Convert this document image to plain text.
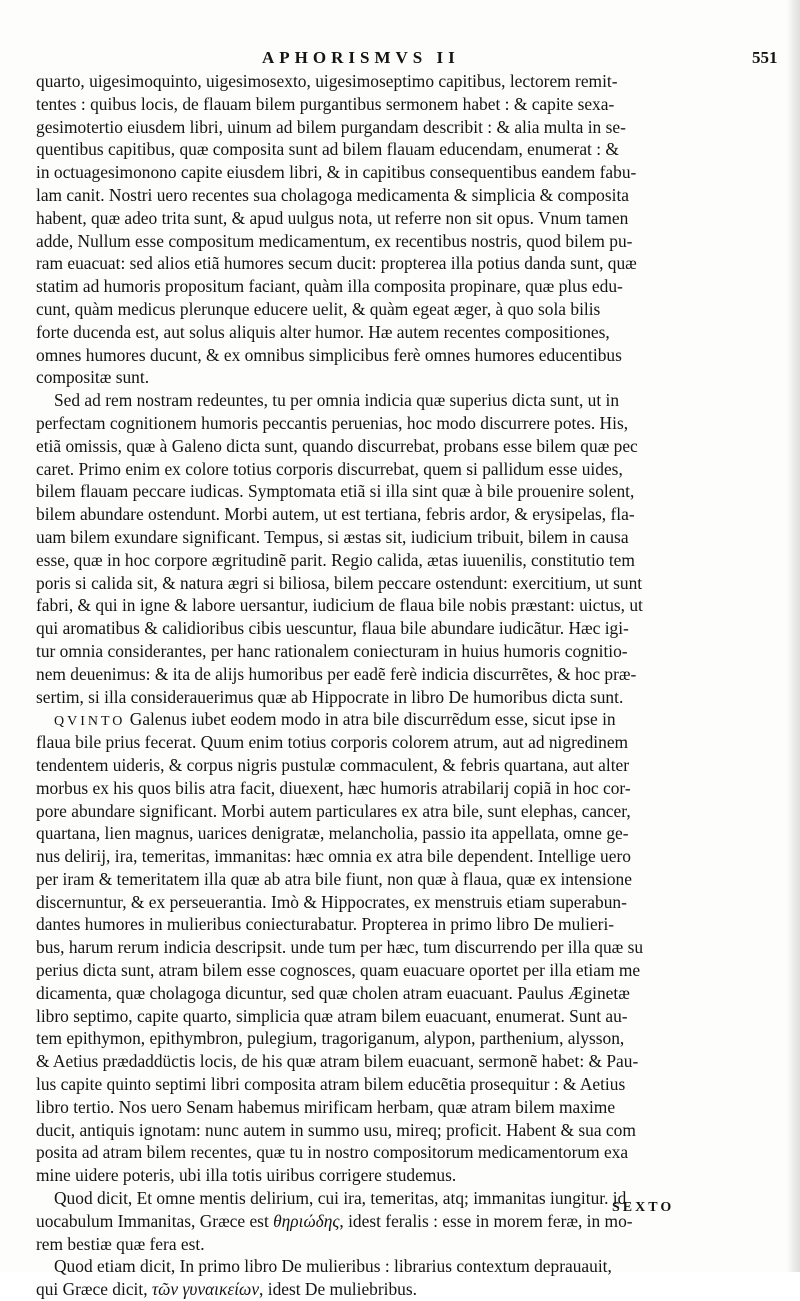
APHORISMVS II	551
quarto, uigesimoquinto, uigesimosexto, uigesimoseptimo capitibus, lectorem remit-
tentes : quibus locis, de flauam bilem purgantibus sermonem habet : & capite sexa-
gesimotertio eiusdem libri, uinum ad bilem purgandam describit : & alia multa in se-
quentibus capitibus, quæ composita sunt ad bilem flauam educendam, enumerat : &
in octuagesimonono capite eiusdem libri, & in capitibus consequentibus eandem fabu-
lam canit. Nostri uero recentes sua cholagoga medicamenta & simplicia & composita
habent, quæ adeo trita sunt, & apud uulgus nota, ut referre non sit opus. Vnum tamen
adde, Nullum esse compositum medicamentum, ex recentibus nostris, quod bilem pu-
ram euacuat: sed alios etiã humores secum ducit: propterea illa potius danda sunt, quæ
statim ad humoris propositum faciant, quàm illa composita propinare, quæ plus edu-
cunt, quàm medicus plerunque educere uelit, & quàm egeat æger, à quo sola bilis
forte ducenda est, aut solus aliquis alter humor. Hæ autem recentes compositiones,
omnes humores ducunt, & ex omnibus simplicibus ferè omnes humores educentibus
compositæ sunt.
Sed ad rem nostram redeuntes, tu per omnia indicia quæ superius dicta sunt, ut in
perfectam cognitionem humoris peccantis peruenias, hoc modo discurrere potes. His,
etiã omissis, quæ à Galeno dicta sunt, quando discurrebat, probans esse bilem quæ pec
caret. Primo enim ex colore totius corporis discurrebat, quem si pallidum esse uides,
bilem flauam peccare iudicas. Symptomata etiã si illa sint quæ à bile prouenire solent,
bilem abundare ostendunt. Morbi autem, ut est tertiana, febris ardor, & erysipelas, fla-
uam bilem exundare significant. Tempus, si æstas sit, iudicium tribuit, bilem in causa
esse, quæ in hoc corpore ægritudinẽ parit. Regio calida, ætas iuuenilis, constitutio tem
poris si calida sit, & natura ægri si biliosa, bilem peccare ostendunt: exercitium, ut sunt
fabri, & qui in igne & labore uersantur, iudicium de flaua bile nobis præstant: uictus, ut
qui aromatibus & calidioribus cibis uescuntur, flaua bile abundare iudicãtur. Hæc igi-
tur omnia considerantes, per hanc rationalem coniecturam in huius humoris cognitio-
nem deuenimus: & ita de alijs humoribus per eadẽ ferè indicia discurrẽtes, & hoc præ-
sertim, si illa considerauerimus quæ ab Hippocrate in libro De humoribus dicta sunt.
QVINTO Galenus iubet eodem modo in atra bile discurrẽdum esse, sicut ipse in
flaua bile prius fecerat. Quum enim totius corporis colorem atrum, aut ad nigredinem
tendentem uideris, & corpus nigris pustulæ commaculent, & febris quartana, aut alter
morbus ex his quos bilis atra facit, diuexent, hæc humoris atrabilarij copiã in hoc cor-
pore abundare significant. Morbi autem particulares ex atra bile, sunt elephas, cancer,
quartana, lien magnus, uarices denigratæ, melancholia, passio ita appellata, omne ge-
nus delirij, ira, temeritas, immanitas: hæc omnia ex atra bile dependent. Intellige uero
per iram & temeritatem illa quæ ab atra bile fiunt, non quæ à flaua, quæ ex intensione
discernuntur, & ex perseuerantia. Imò & Hippocrates, ex menstruis etiam superabun-
dantes humores in mulieribus coniecturabatur. Propterea in primo libro De mulieri-
bus, harum rerum indicia descripsit. unde tum per hæc, tum discurrendo per illa quæ su
perius dicta sunt, atram bilem esse cognosces, quam euacuare oportet per illa etiam me
dicamenta, quæ cholagoga dicuntur, sed quæ cholen atram euacuant. Paulus Æginetæ
libro septimo, capite quarto, simplicia quæ atram bilem euacuant, enumerat. Sunt au-
tem epithymon, epithymbron, pulegium, tragoriganum, alypon, parthenium, alysson,
& Aetius prædaddüctis locis, de his quæ atram bilem euacuant, sermonẽ habet: & Pau-
lus capite quinto septimi libri composita atram bilem educẽtia prosequitur : & Aetius
libro tertio. Nos uero Senam habemus mirificam herbam, quæ atram bilem maxime
ducit, antiquis ignotam: nunc autem in summo usu, mireq; proficit. Habent & sua com
posita ad atram bilem recentes, quæ tu in nostro compositorum medicamentorum exa
mine uidere poteris, ubi illa totis uiribus corrigere studemus.
Quod dicit, Et omne mentis delirium, cui ira, temeritas, atq; immanitas iungitur. id
uocabulum Immanitas, Græce est θηριώδης, idest feralis : esse in morem feræ, in mo-
rem bestiæ quæ fera est.
Quod etiam dicit, In primo libro De mulieribus : librarius contextum deprauauit,
qui Græce dicit, τῶν γυναικείων, idest De muliebribus.
SEXTO
